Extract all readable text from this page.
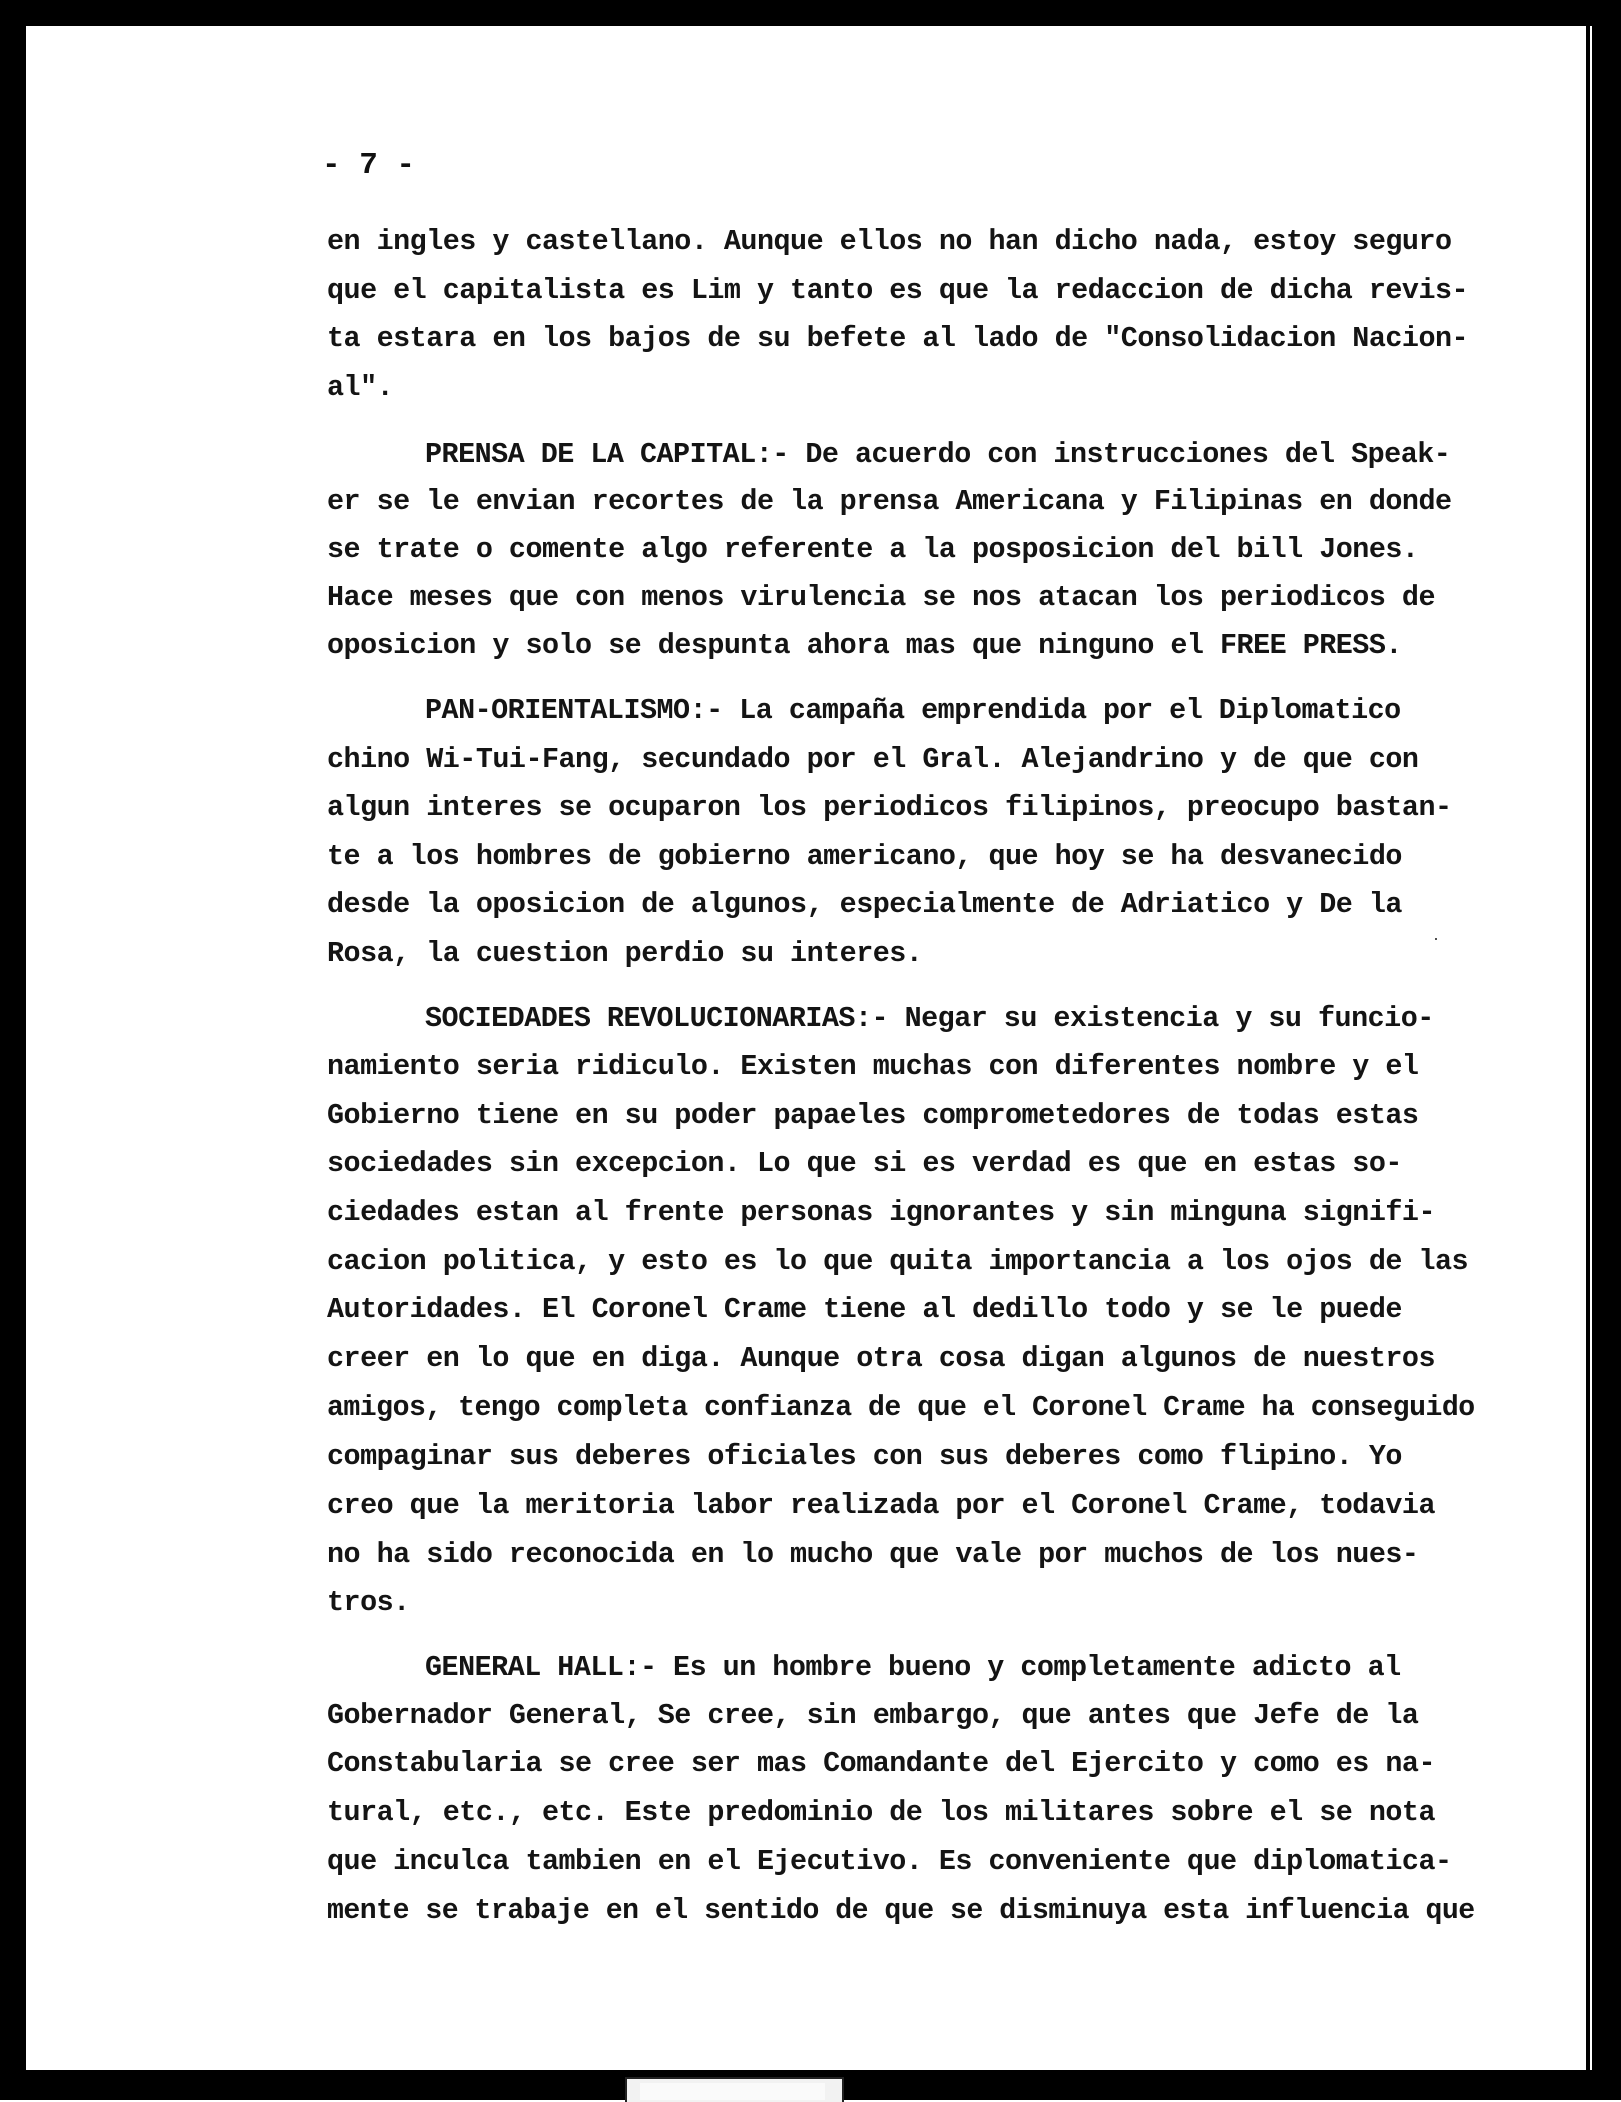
- 7 -
en ingles y castellano. Aunque ellos no han dicho nada, estoy seguro
que el capitalista es Lim y tanto es que la redaccion de dicha revis-
ta estara en los bajos de su befete al lado de "Consolidacion Nacion-
al".
PRENSA DE LA CAPITAL:- De acuerdo con instrucciones del Speak-
er se le envian recortes de la prensa Americana y Filipinas en donde
se trate o comente algo referente a la posposicion del bill Jones.
Hace meses que con menos virulencia se nos atacan los periodicos de
oposicion y solo se despunta ahora mas que ninguno el FREE PRESS.
PAN-ORIENTALISMO:- La campaña emprendida por el Diplomatico
chino Wi-Tui-Fang, secundado por el Gral. Alejandrino y de que con
algun interes se ocuparon los periodicos filipinos, preocupo bastan-
te a los hombres de gobierno americano, que hoy se ha desvanecido
desde la oposicion de algunos, especialmente de Adriatico y De la
Rosa, la cuestion perdio su interes.	·
SOCIEDADES REVOLUCIONARIAS:- Negar su existencia y su funcio-
namiento seria ridiculo. Existen muchas con diferentes nombre y el
Gobierno tiene en su poder papaeles comprometedores de todas estas
sociedades sin excepcion. Lo que si es verdad es que en estas so-
ciedades estan al frente personas ignorantes y sin minguna signifi-
cacion politica, y esto es lo que quita importancia a los ojos de las
Autoridades. El Coronel Crame tiene al dedillo todo y se le puede
creer en lo que en diga. Aunque otra cosa digan algunos de nuestros
amigos, tengo completa confianza de que el Coronel Crame ha conseguido
compaginar sus deberes oficiales con sus deberes como flipino. Yo
creo que la meritoria labor realizada por el Coronel Crame, todavia
no ha sido reconocida en lo mucho que vale por muchos de los nues-
tros.
GENERAL HALL:- Es un hombre bueno y completamente adicto al
Gobernador General, Se cree, sin embargo, que antes que Jefe de la
Constabularia se cree ser mas Comandante del Ejercito y como es na-
tural, etc., etc. Este predominio de los militares sobre el se nota
que inculca tambien en el Ejecutivo. Es conveniente que diplomatica-
mente se trabaje en el sentido de que se disminuya esta influencia que
